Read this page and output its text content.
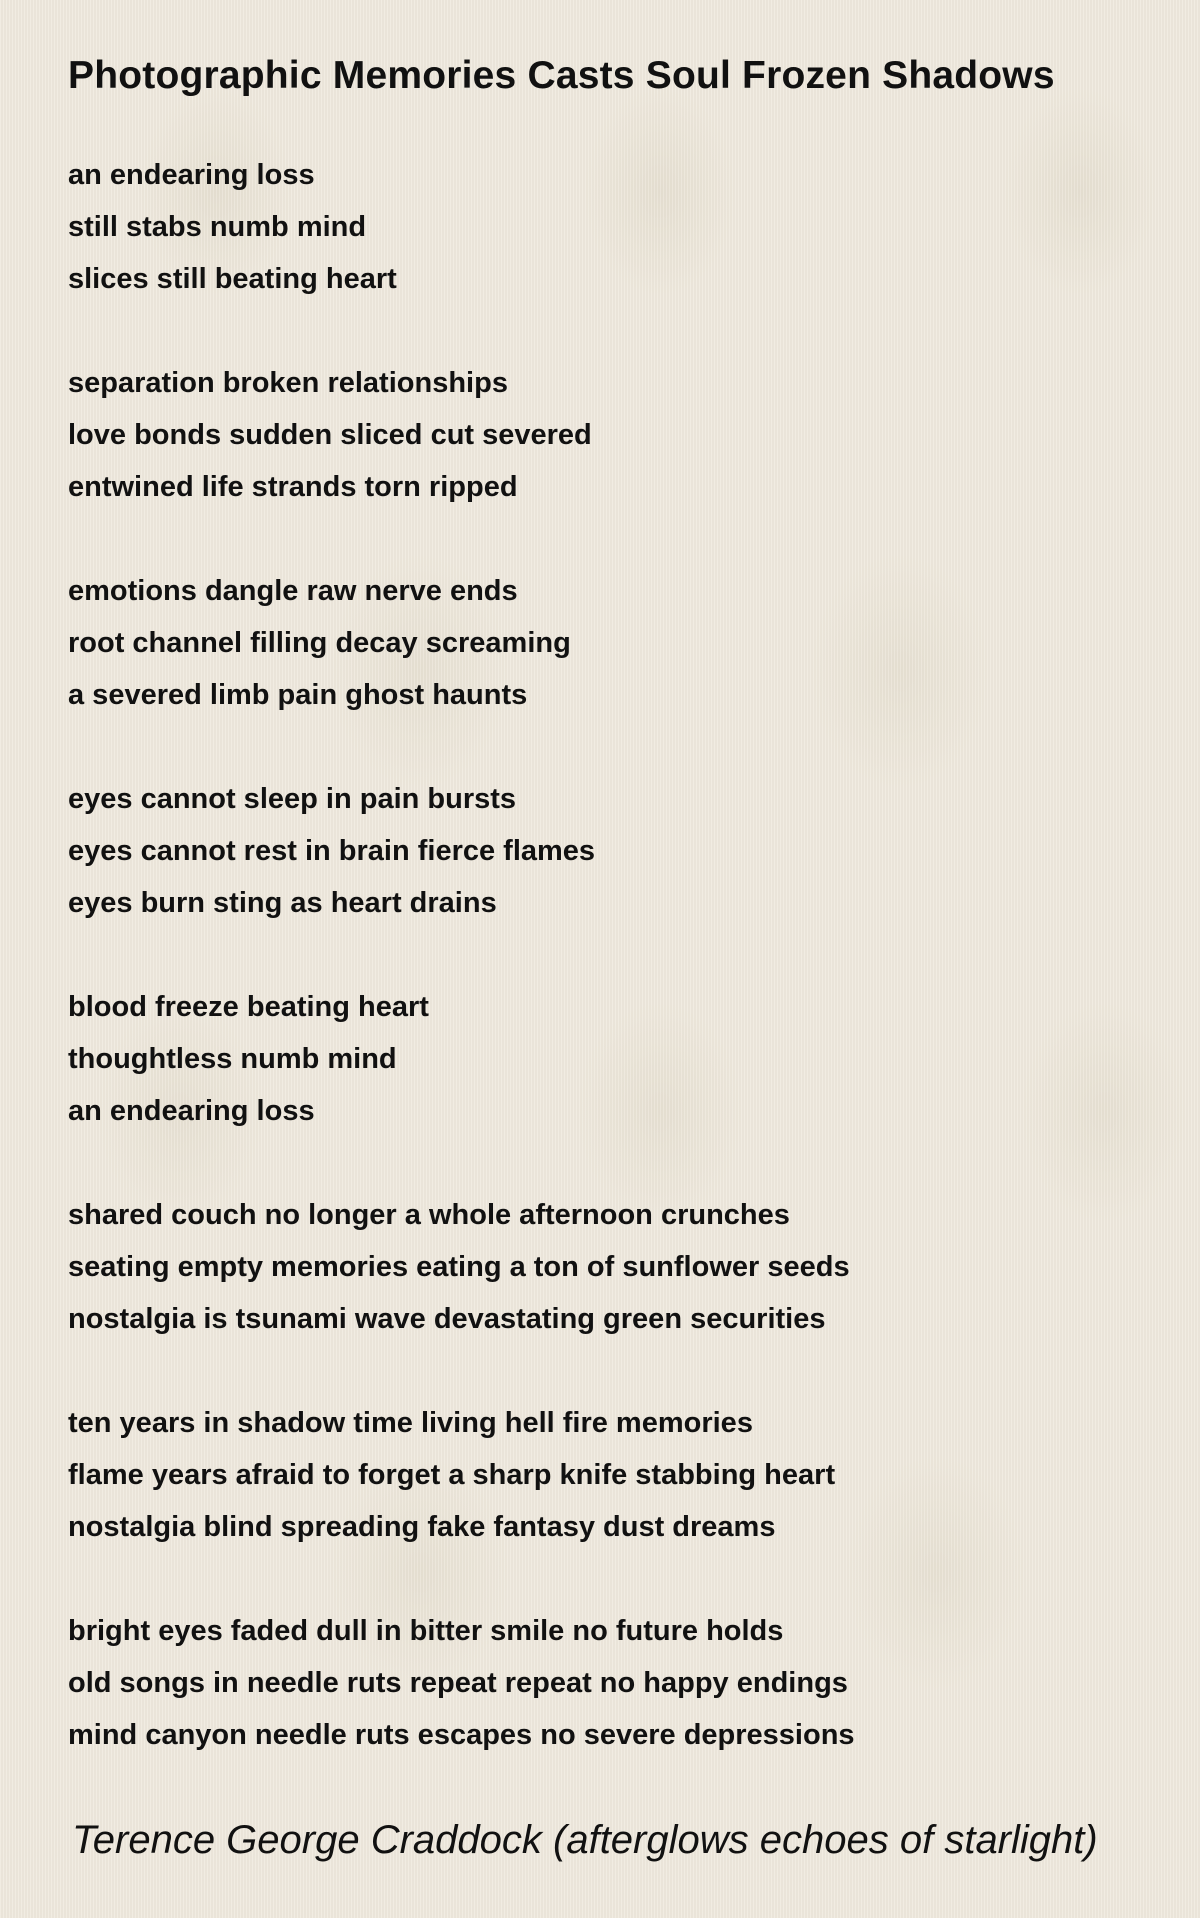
Photographic Memories Casts Soul Frozen Shadows
an endearing loss
still stabs numb mind
slices still beating heart
separation broken relationships
love bonds sudden sliced cut severed
entwined life strands torn ripped
emotions dangle raw nerve ends
root channel filling decay screaming
a severed limb pain ghost haunts
eyes cannot sleep in pain bursts
eyes cannot rest in brain fierce flames
eyes burn sting as heart drains
blood freeze beating heart
thoughtless numb mind
an endearing loss
shared couch no longer a whole afternoon crunches
seating empty memories eating a ton of sunflower seeds
nostalgia is tsunami wave devastating green securities
ten years in shadow time living hell fire memories
flame years afraid to forget a sharp knife stabbing heart
nostalgia blind spreading fake fantasy dust dreams
bright eyes faded dull in bitter smile no future holds
old songs in needle ruts repeat repeat no happy endings
mind canyon needle ruts escapes no severe depressions
Terence George Craddock (afterglows echoes of starlight)
